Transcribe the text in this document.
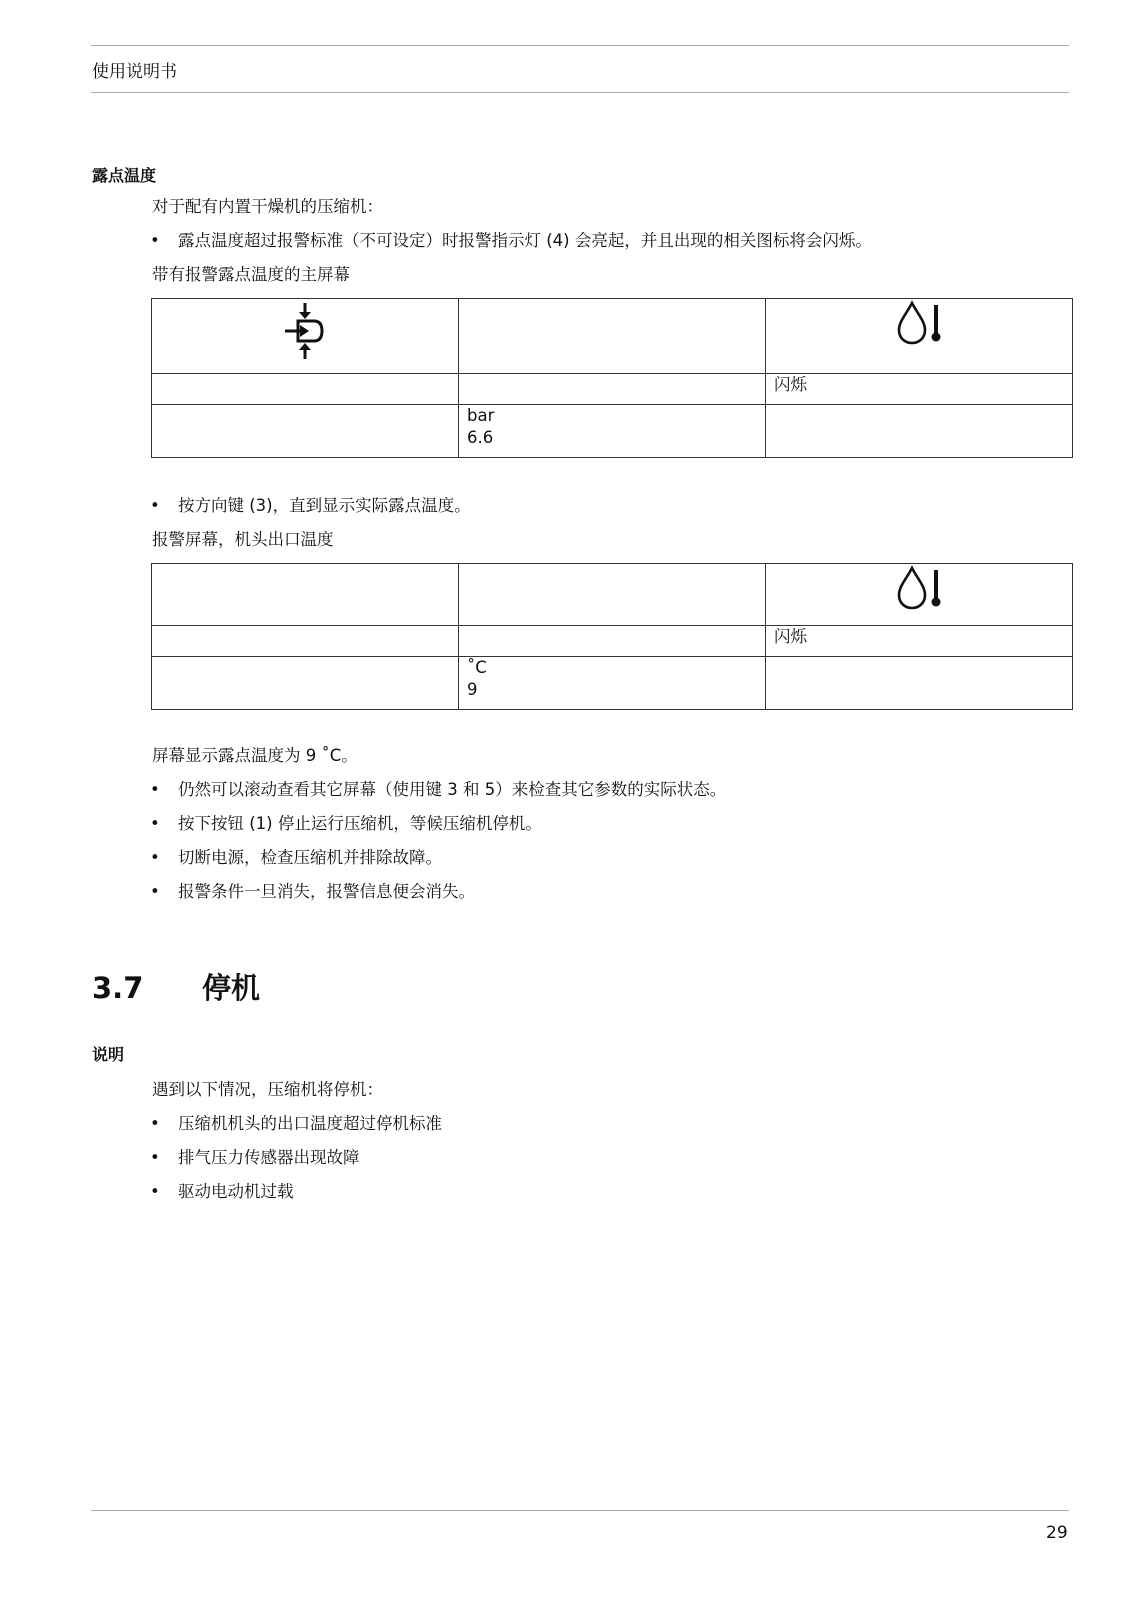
使用说明书
露点温度
对于配有内置干燥机的压缩机：
• 露点温度超过报警标准（不可设定）时报警指示灯 (4) 会亮起，并且出现的相关图标将会闪烁。
带有报警露点温度的主屏幕

		闪烁

	bar
6.6	

• 按方向键 (3)，直到显示实际露点温度。
报警屏幕，机头出口温度

		闪烁

	˚C
9	

屏幕显示露点温度为 9 ˚C。
• 仍然可以滚动查看其它屏幕（使用键 3 和 5）来检查其它参数的实际状态。
• 按下按钮 (1) 停止运行压缩机，等候压缩机停机。
• 切断电源，检查压缩机并排除故障。
• 报警条件一旦消失，报警信息便会消失。
3.7 停机
说明
遇到以下情况，压缩机将停机：
• 压缩机机头的出口温度超过停机标准
• 排气压力传感器出现故障
• 驱动电动机过载
29
